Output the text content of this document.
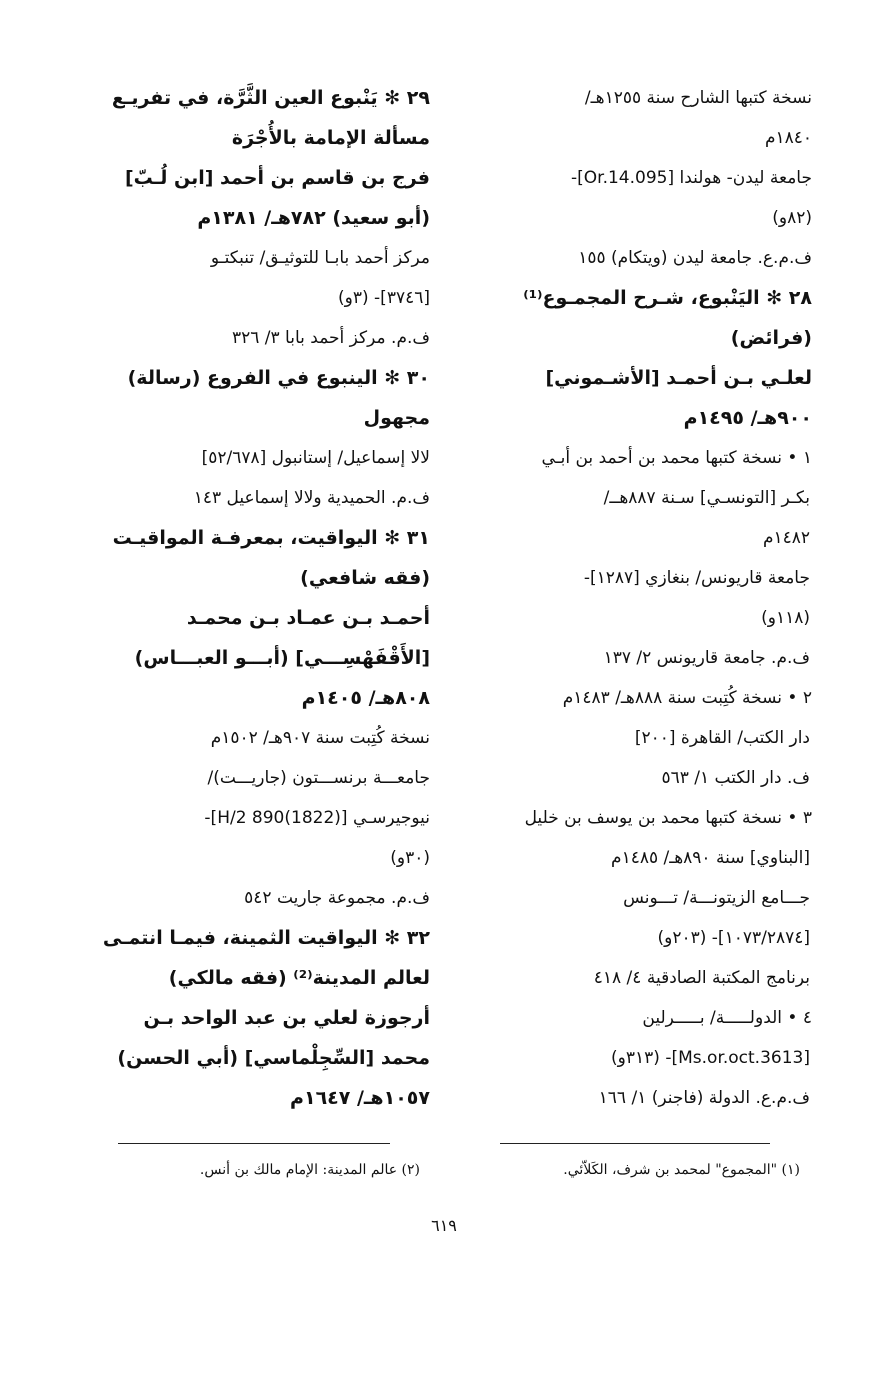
نسخة كتبها الشارح سنة ١٢٥٥هـ/
١٨٤٠م
جامعة ليدن- هولندا [Or.14.095]-
(٨٢و)
ف.م.ع. جامعة ليدن (ويتكام) ١٥٥
٢٨ ✻ اليَنْبوع، شـرح المجمـوع⁽¹⁾
(فرائض)
لعلـي بـن أحمـد [الأشـموني]
٩٠٠هـ/ ١٤٩٥م
١ • نسخة كتبها محمد بن أحمد بن أبـي
بكـر [التونسـي] سـنة ٨٨٧هــ/
١٤٨٢م
جامعة قاريونس/ بنغازي [١٢٨٧]-
(١١٨و)
ف.م. جامعة قاريونس ٢/ ١٣٧
٢ • نسخة كُتِبت سنة ٨٨٨هـ/ ١٤٨٣م
دار الكتب/ القاهرة [٢٠٠]
ف. دار الكتب ١/ ٥٦٣
٣ • نسخة كتبها محمد بن يوسف بن خليل
[البناوي] سنة ٨٩٠هـ/ ١٤٨٥م
جـــامع الزيتونـــة/ تـــونس
[١٠٧٣/٢٨٧٤]- (٢٠٣و)
برنامج المكتبة الصادقية ٤/ ٤١٨
٤ • الدولـــــة/ بـــــرلين
[Ms.or.oct.3613]- (٣١٣و)
ف.م.ع. الدولة (فاجنر) ١/ ١٦٦
٢٩ ✻ يَنْبوع العين الثَّرَّة، في تفريـع
مسألة الإمامة بالأُجْرَة
فرج بن قاسم بن أحمد [ابن لُـبّ]
(أبو سعيد) ٧٨٢هـ/ ١٣٨١م
مركز أحمد بابـا للتوثيـق/ تنبكتـو
[٣٧٤٦]- (٣و)
ف.م. مركز أحمد بابا ٣/ ٣٢٦
٣٠ ✻ الينبوع في الفروع (رسالة)
مجهول
لالا إسماعيل/ إستانبول [٥٢/٦٧٨]
ف.م. الحميدية ولالا إسماعيل ١٤٣
٣١ ✻ اليواقيت، بمعرفـة المواقيـت
(فقه شافعي)
أحمـد بـن عمـاد بـن محمـد
[الأَقْفَهْسِـــي] (أبـــو العبـــاس)
٨٠٨هـ/ ١٤٠٥م
نسخة كُتِبت سنة ٩٠٧هـ/ ١٥٠٢م
جامعـــة برنســـتون (جاريـــت)/
نيوجيرسـي [H/2 890(1822)]-
(٣٠و)
ف.م. مجموعة جاريت ٥٤٢
٣٢ ✻ اليواقيت الثمينة، فيمـا انتمـى
لعالم المدينة⁽²⁾ (فقه مالكي)
أرجوزة لعلي بن عبد الواحد بـن
محمد [السِّجِلْماسي] (أبي الحسن)
١٠٥٧هـ/ ١٦٤٧م
(١) "المجموع" لمحمد بن شرف، الكَلاّئي.
(٢) عالم المدينة: الإمام مالك بن أنس.
٦١٩
